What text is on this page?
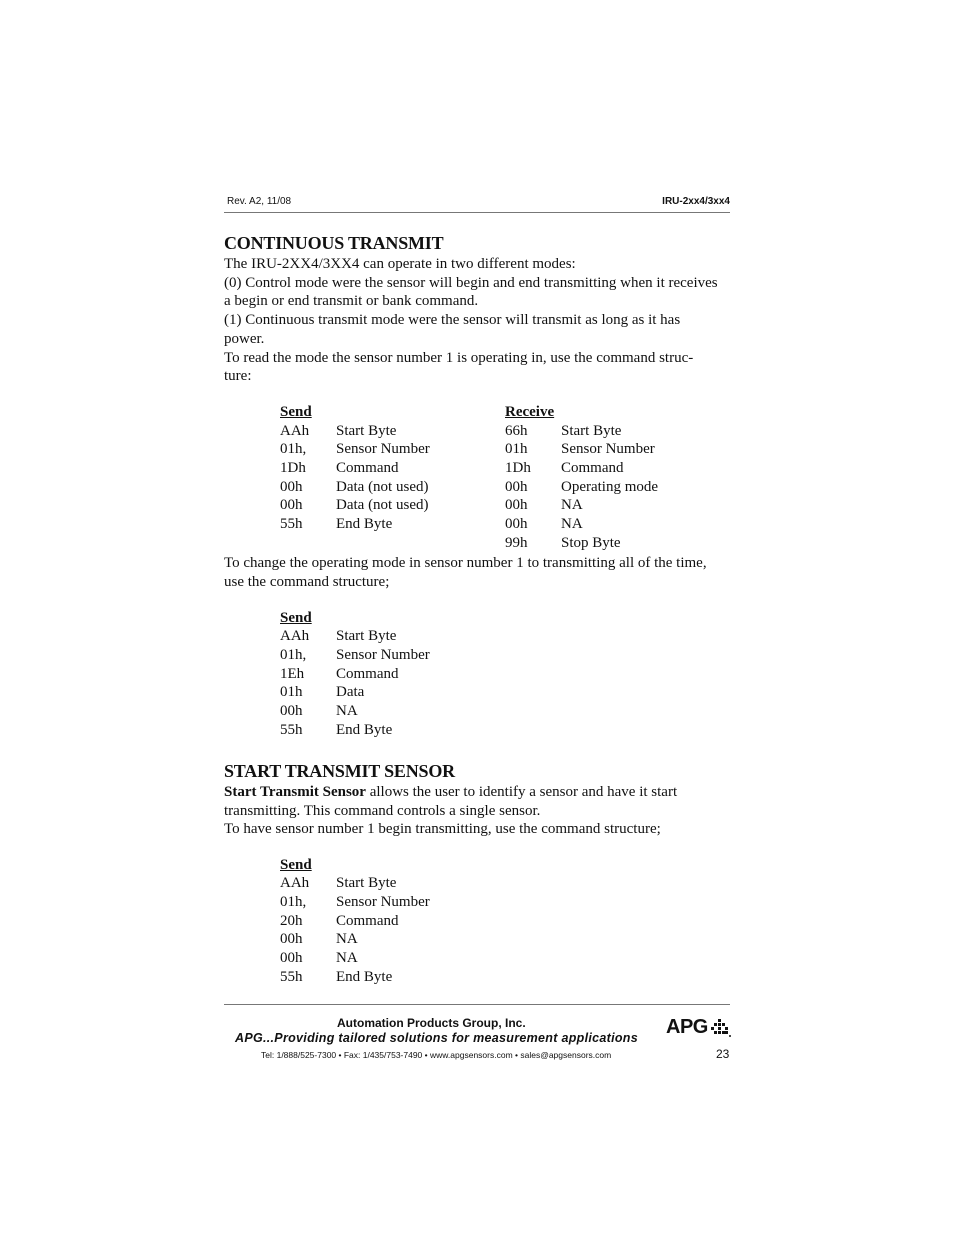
Rev. A2, 11/08	IRU-2xx4/3xx4
CONTINUOUS TRANSMIT
The IRU-2XX4/3XX4 can operate in two different modes:
(0) Control mode were the sensor will begin and end transmitting when it receives
a begin or end transmit or bank command.
(1) Continuous transmit mode were the sensor will transmit as long as it has
power.
To read the mode the sensor number 1 is operating in, use the command struc-
ture:
Send	Receive
AAh Start Byte
01h, Sensor Number
1Dh Command
00h Data (not used)
00h Data (not used)
55h End Byte
66h Start Byte
01h Sensor Number
1Dh Command
00h Operating mode
00h NA
00h NA
99h Stop Byte
To change the operating mode in sensor number 1 to transmitting all of the time,
use the command structure;
Send
AAh Start Byte
01h, Sensor Number
1Eh Command
01h Data
00h NA
55h End Byte
START TRANSMIT SENSOR
Start Transmit Sensor allows the user to identify a sensor and have it start
transmitting. This command controls a single sensor.
To have sensor number 1 begin transmitting, use the command structure;
Send
AAh Start Byte
01h, Sensor Number
20h Command
00h NA
00h NA
55h End Byte
Automation Products Group, Inc.
APG...Providing tailored solutions for measurement applications
Tel: 1/888/525-7300 • Fax: 1/435/753-7490 • www.apgsensors.com • sales@apgsensors.com
APG
23
